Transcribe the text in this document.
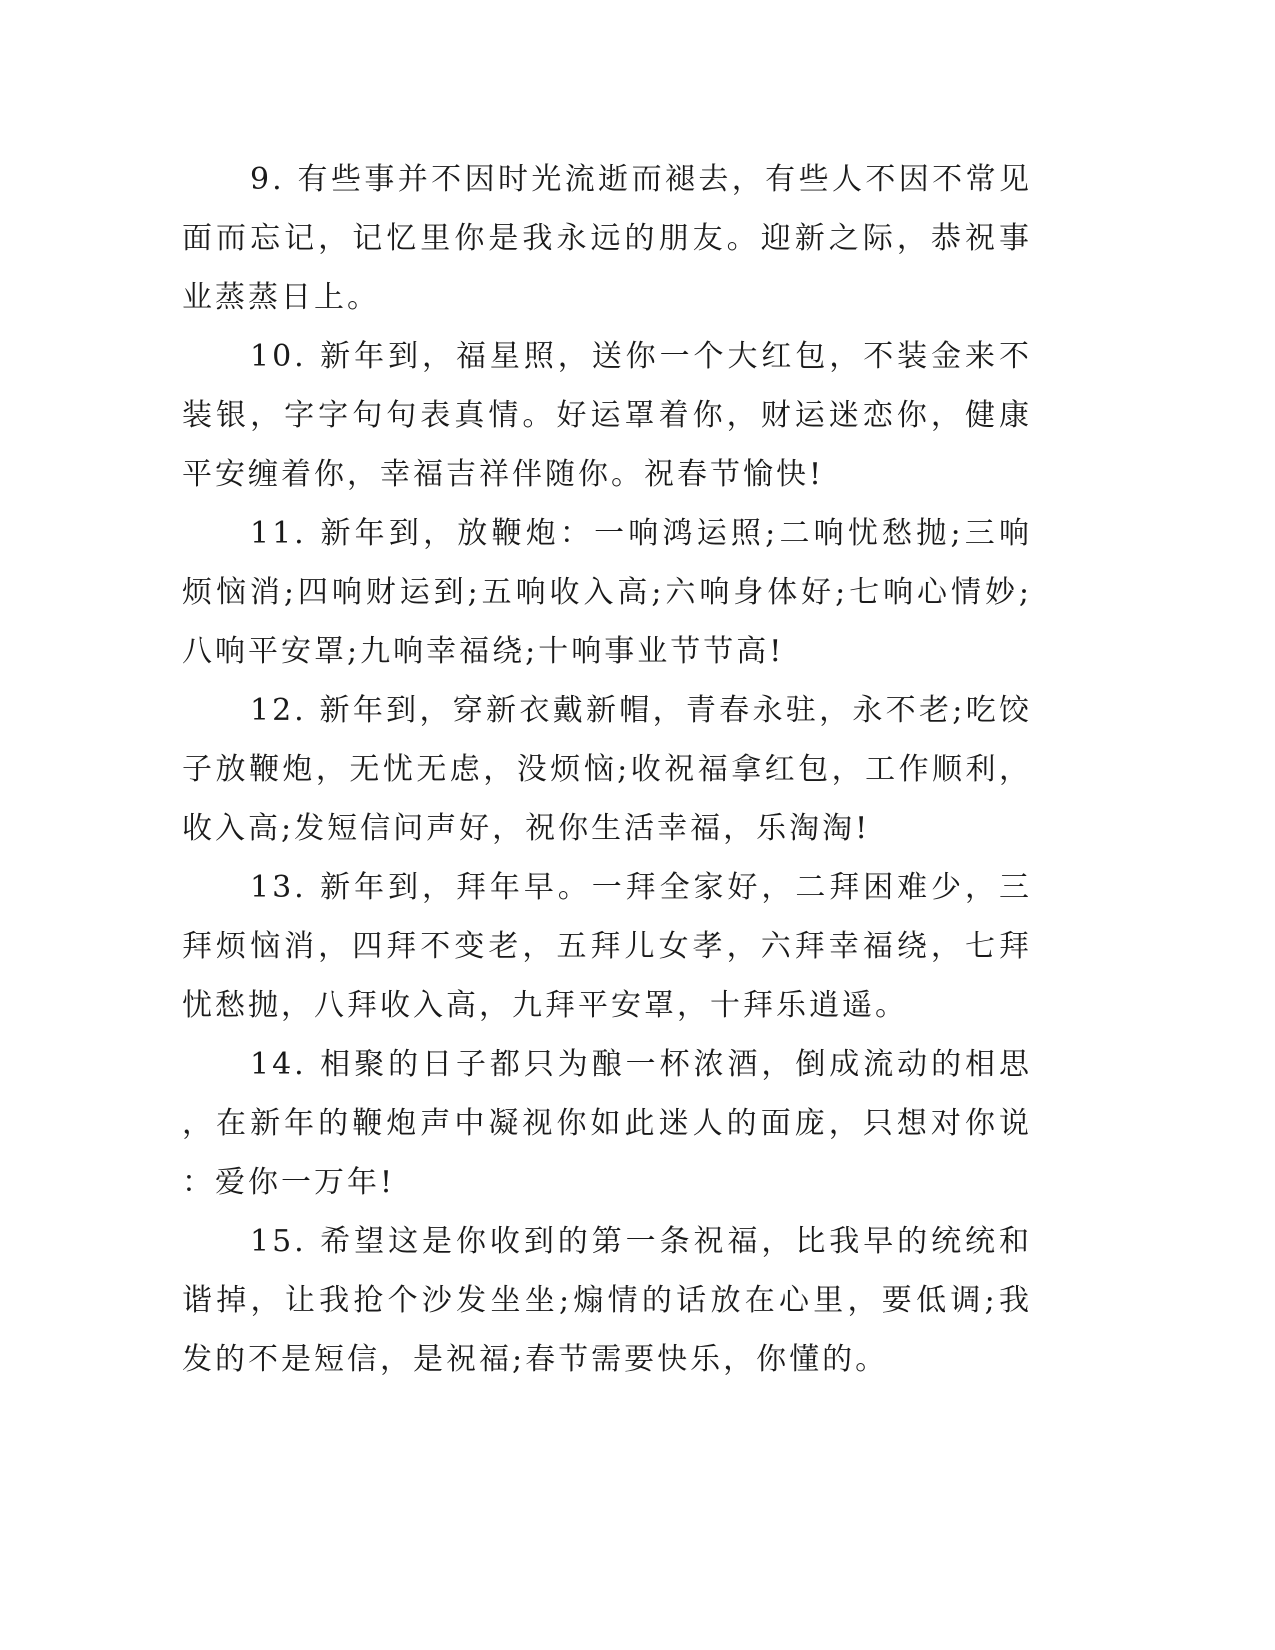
9. 有些事并不因时光流逝而褪去，有些人不因不常见面而忘记，记忆里你是我永远的朋友。迎新之际，恭祝事业蒸蒸日上。

10. 新年到，福星照，送你一个大红包，不装金来不装银，字字句句表真情。好运罩着你，财运迷恋你，健康平安缠着你，幸福吉祥伴随你。祝春节愉快!

11. 新年到，放鞭炮：一响鸿运照;二响忧愁抛;三响烦恼消;四响财运到;五响收入高;六响身体好;七响心情妙;八响平安罩;九响幸福绕;十响事业节节高!

12. 新年到，穿新衣戴新帽，青春永驻，永不老;吃饺子放鞭炮，无忧无虑，没烦恼;收祝福拿红包，工作顺利，收入高;发短信问声好，祝你生活幸福，乐淘淘!

13. 新年到，拜年早。一拜全家好，二拜困难少，三拜烦恼消，四拜不变老，五拜儿女孝，六拜幸福绕，七拜忧愁抛，八拜收入高，九拜平安罩，十拜乐逍遥。

14. 相聚的日子都只为酿一杯浓酒，倒成流动的相思，在新年的鞭炮声中凝视你如此迷人的面庞，只想对你说：爱你一万年!

15. 希望这是你收到的第一条祝福，比我早的统统和谐掉，让我抢个沙发坐坐;煽情的话放在心里，要低调;我发的不是短信，是祝福;春节需要快乐，你懂的。
